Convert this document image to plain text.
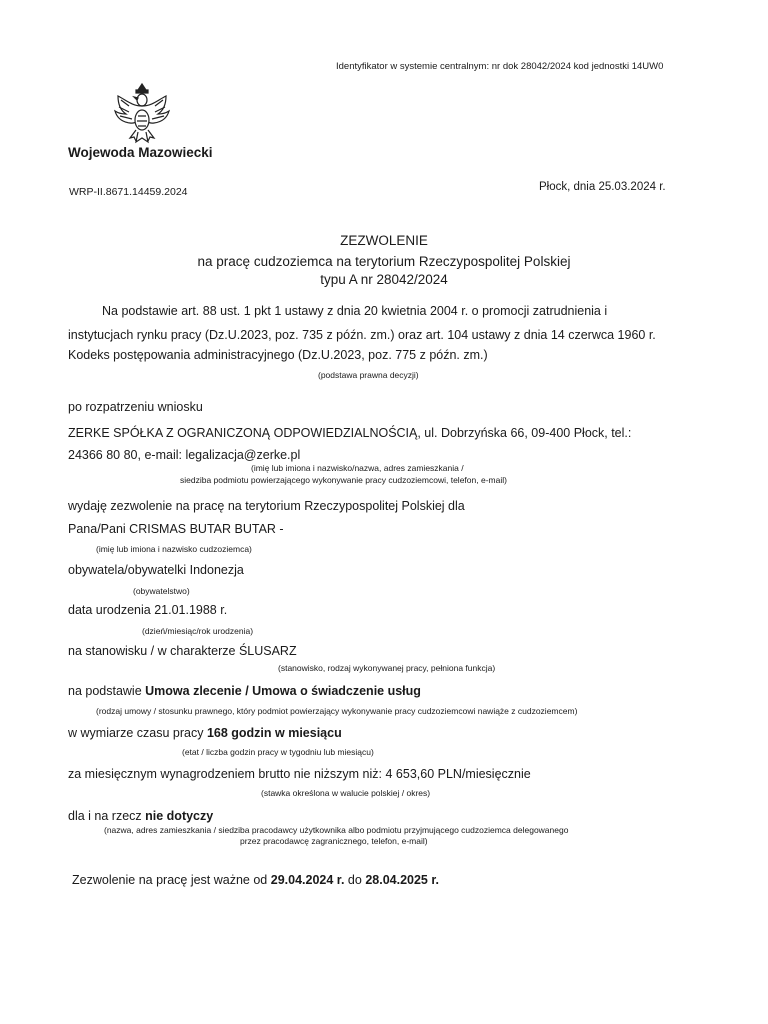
Identyfikator w systemie centralnym: nr dok 28042/2024 kod jednostki 14UW0
Wojewoda Mazowiecki
WRP-II.8671.14459.2024	Płock, dnia 25.03.2024 r.
ZEZWOLENIE
na pracę cudzoziemca na terytorium Rzeczypospolitej Polskiej
typu A nr 28042/2024
Na podstawie art. 88 ust. 1 pkt 1 ustawy z dnia 20 kwietnia 2004 r. o promocji zatrudnienia i
instytucjach rynku pracy (Dz.U.2023, poz. 735 z późn. zm.) oraz art. 104 ustawy z dnia 14 czerwca 1960 r.
Kodeks postępowania administracyjnego (Dz.U.2023, poz. 775 z późn. zm.)
(podstawa prawna decyzji)
po rozpatrzeniu wniosku
ZERKE SPÓŁKA Z OGRANICZONĄ ODPOWIEDZIALNOŚCIĄ, ul. Dobrzyńska 66, 09-400 Płock, tel.:
24366 80 80, e-mail: legalizacja@zerke.pl
(imię lub imiona i nazwisko/nazwa, adres zamieszkania /
siedziba podmiotu powierzającego wykonywanie pracy cudzoziemcowi, telefon, e-mail)
wydaję zezwolenie na pracę na terytorium Rzeczypospolitej Polskiej dla
Pana/Pani CRISMAS BUTAR BUTAR -
(imię lub imiona i nazwisko cudzoziemca)
obywatela/obywatelki Indonezja
(obywatelstwo)
data urodzenia 21.01.1988 r.
(dzień/miesiąc/rok urodzenia)
na stanowisku / w charakterze ŚLUSARZ
(stanowisko, rodzaj wykonywanej pracy, pełniona funkcja)
na podstawie Umowa zlecenie / Umowa o świadczenie usług
(rodzaj umowy / stosunku prawnego, który podmiot powierzający wykonywanie pracy cudzoziemcowi nawiąże z cudzoziemcem)
w wymiarze czasu pracy 168 godzin w miesiącu
(etat / liczba godzin pracy w tygodniu lub miesiącu)
za miesięcznym wynagrodzeniem brutto nie niższym niż: 4 653,60 PLN/miesięcznie
(stawka określona w walucie polskiej / okres)
dla i na rzecz nie dotyczy
(nazwa, adres zamieszkania / siedziba pracodawcy użytkownika albo podmiotu przyjmującego cudzoziemca delegowanego
przez pracodawcę zagranicznego, telefon, e-mail)
Zezwolenie na pracę jest ważne od 29.04.2024 r. do 28.04.2025 r.
